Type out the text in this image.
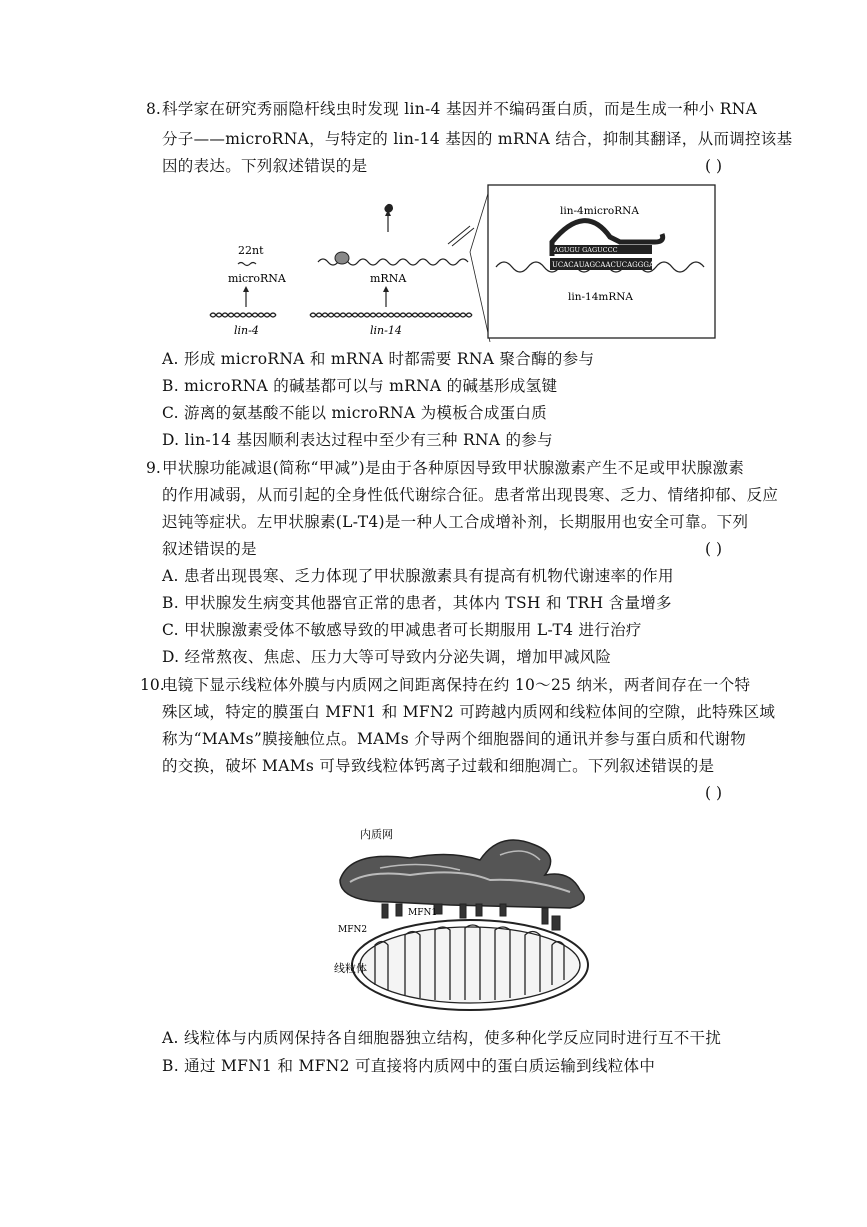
8. 科学家在研究秀丽隐杆线虫时发现 lin-4 基因并不编码蛋白质，而是生成一种小 RNA
分子——microRNA，与特定的 lin-14 基因的 mRNA 结合，抑制其翻译，从而调控该基
因的表达。下列叙述错误的是	( )
microRNA
22nt
lin-4
mRNA
lin-14
lin-4microRNA
UCACAUAGCAACUCAGGGA
AGUGU GAGUCCC
lin-14mRNA
A. 形成 microRNA 和 mRNA 时都需要 RNA 聚合酶的参与
B. microRNA 的碱基都可以与 mRNA 的碱基形成氢键
C. 游离的氨基酸不能以 microRNA 为模板合成蛋白质
D. lin-14 基因顺利表达过程中至少有三种 RNA 的参与
9. 甲状腺功能减退(简称“甲减”)是由于各种原因导致甲状腺激素产生不足或甲状腺激素
的作用减弱，从而引起的全身性低代谢综合征。患者常出现畏寒、乏力、情绪抑郁、反应
迟钝等症状。左甲状腺素(L-T4)是一种人工合成增补剂，长期服用也安全可靠。下列
叙述错误的是	( )
A. 患者出现畏寒、乏力体现了甲状腺激素具有提高有机物代谢速率的作用
B. 甲状腺发生病变其他器官正常的患者，其体内 TSH 和 TRH 含量增多
C. 甲状腺激素受体不敏感导致的甲减患者可长期服用 L-T4 进行治疗
D. 经常熬夜、焦虑、压力大等可导致内分泌失调，增加甲减风险
10.
电镜下显示线粒体外膜与内质网之间距离保持在约 10～25 纳米，两者间存在一个特
殊区域，特定的膜蛋白 MFN1 和 MFN2 可跨越内质网和线粒体间的空隙，此特殊区域
称为“MAMs”膜接触位点。MAMs 介导两个细胞器间的通讯并参与蛋白质和代谢物
的交换，破坏 MAMs 可导致线粒体钙离子过载和细胞凋亡。下列叙述错误的是
( )
内质网
MFN1
MFN2
线粒体
A. 线粒体与内质网保持各自细胞器独立结构，使多种化学反应同时进行互不干扰
B. 通过 MFN1 和 MFN2 可直接将内质网中的蛋白质运输到线粒体中
